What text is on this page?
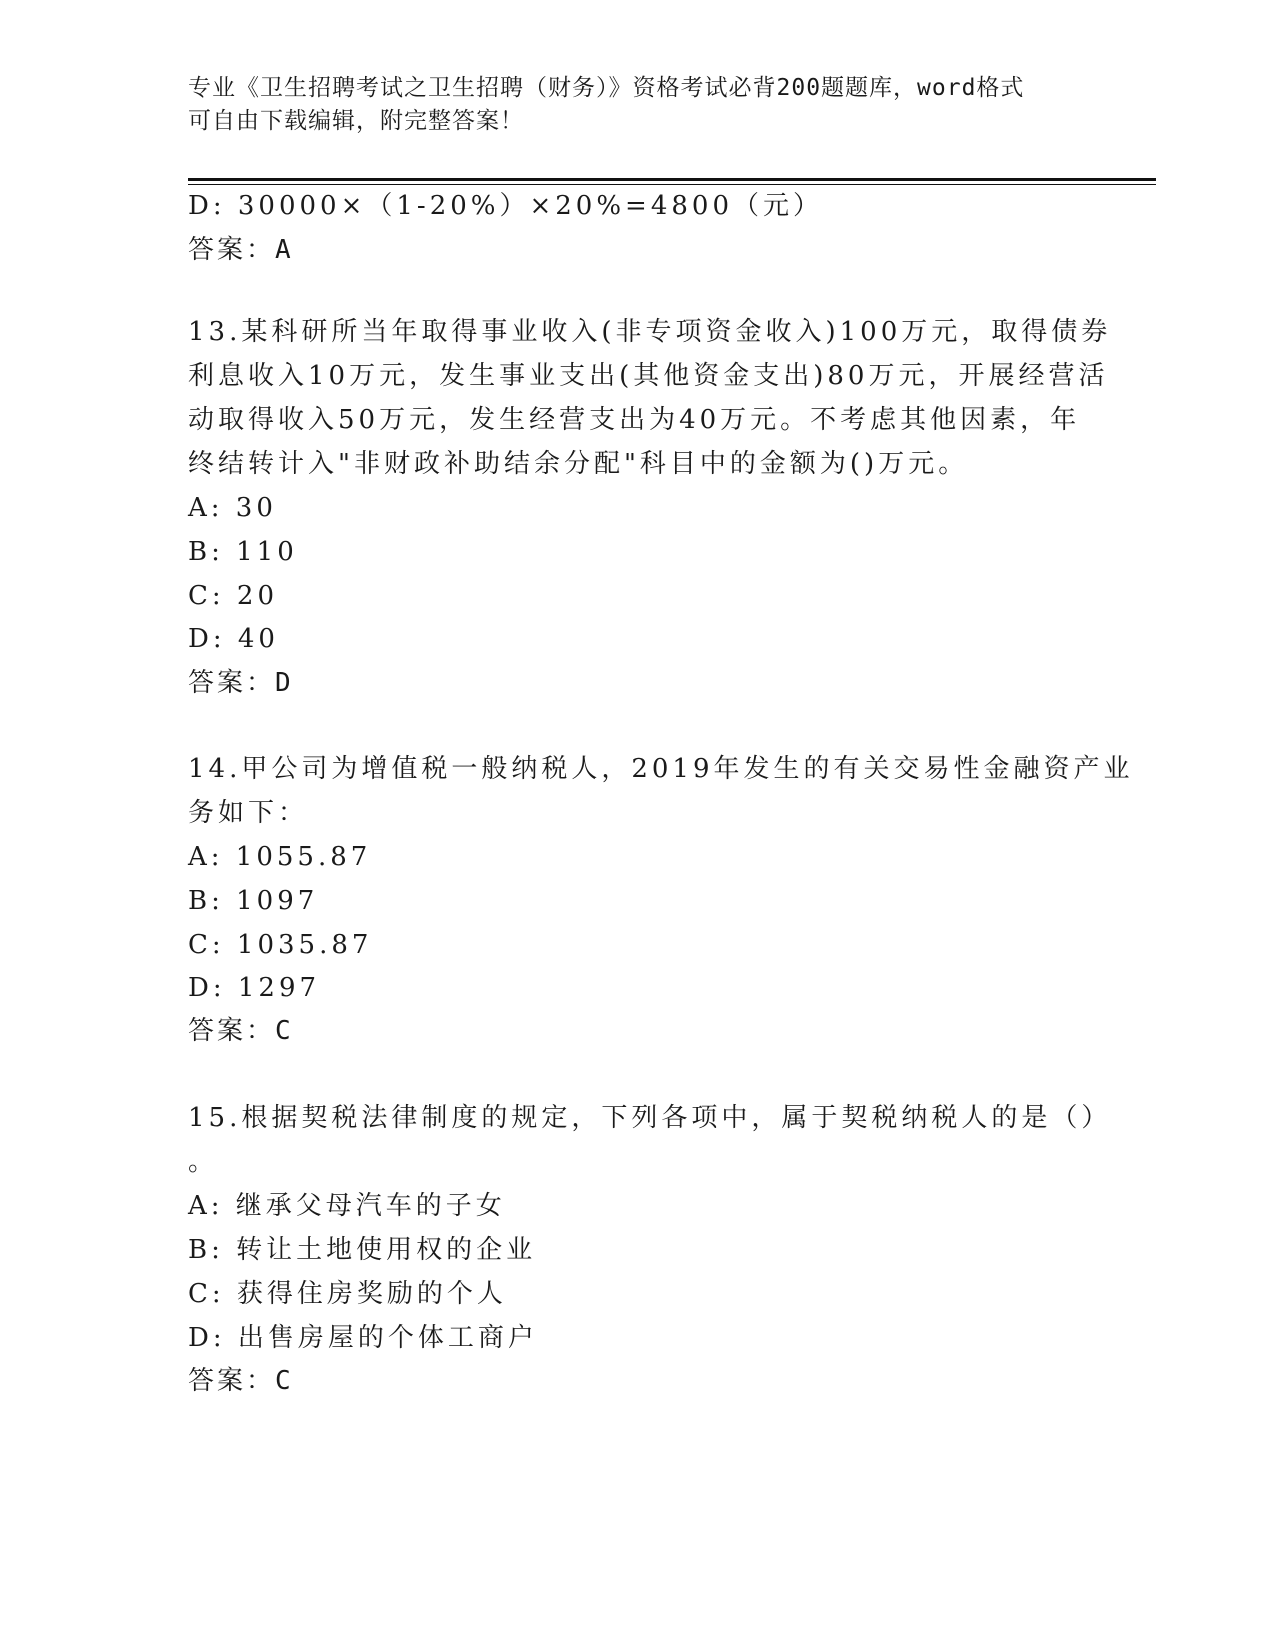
专业《卫生招聘考试之卫生招聘（财务）》资格考试必背200题题库，word格式
可自由下载编辑，附完整答案！
D: 30000×（1-20%）×20%=4800（元）
答案：A
13.某科研所当年取得事业收入(非专项资金收入)100万元，取得债券
利息收入10万元，发生事业支出(其他资金支出)80万元，开展经营活
动取得收入50万元，发生经营支出为40万元。不考虑其他因素，年
终结转计入"非财政补助结余分配"科目中的金额为()万元。
A: 30
B: 110
C: 20
D: 40
答案：D
14.甲公司为增值税一般纳税人，2019年发生的有关交易性金融资产业
务如下：
A: 1055.87
B: 1097
C: 1035.87
D: 1297
答案：C
15.根据契税法律制度的规定，下列各项中，属于契税纳税人的是（）
。
A: 继承父母汽车的子女
B: 转让土地使用权的企业
C: 获得住房奖励的个人
D: 出售房屋的个体工商户
答案：C
